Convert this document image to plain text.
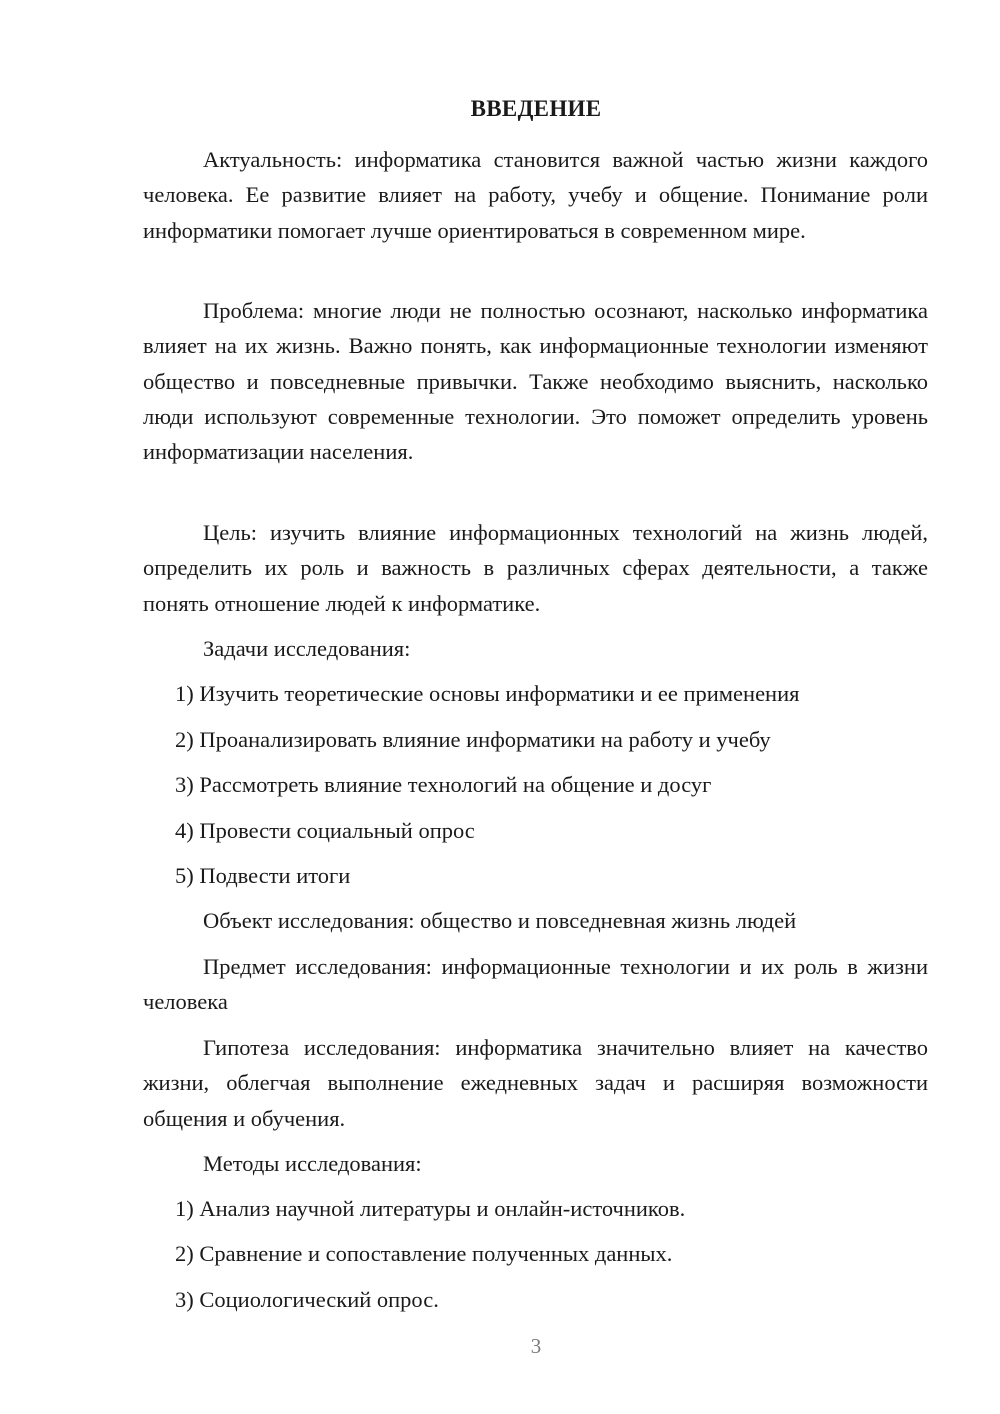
ВВЕДЕНИЕ

Актуальность: информатика становится важной частью жизни каждого человека. Ее развитие влияет на работу, учебу и общение. Понимание роли информатики помогает лучше ориентироваться в современном мире.

Проблема: многие люди не полностью осознают, насколько информатика влияет на их жизнь. Важно понять, как информационные технологии изменяют общество и повседневные привычки. Также необходимо выяснить, насколько люди используют современные технологии. Это поможет определить уровень информатизации населения.

Цель: изучить влияние информационных технологий на жизнь людей, определить их роль и важность в различных сферах деятельности, а также понять отношение людей к информатике.

Задачи исследования:

1) Изучить теоретические основы информатики и ее применения

2) Проанализировать влияние информатики на работу и учебу

3) Рассмотреть влияние технологий на общение и досуг

4) Провести социальный опрос

5) Подвести итоги

Объект исследования: общество и повседневная жизнь людей

Предмет исследования: информационные технологии и их роль в жизни человека

Гипотеза исследования: информатика значительно влияет на качество жизни, облегчая выполнение ежедневных задач и расширяя возможности общения и обучения.

Методы исследования:

1) Анализ научной литературы и онлайн-источников.

2) Сравнение и сопоставление полученных данных.

3) Социологический опрос.

3
